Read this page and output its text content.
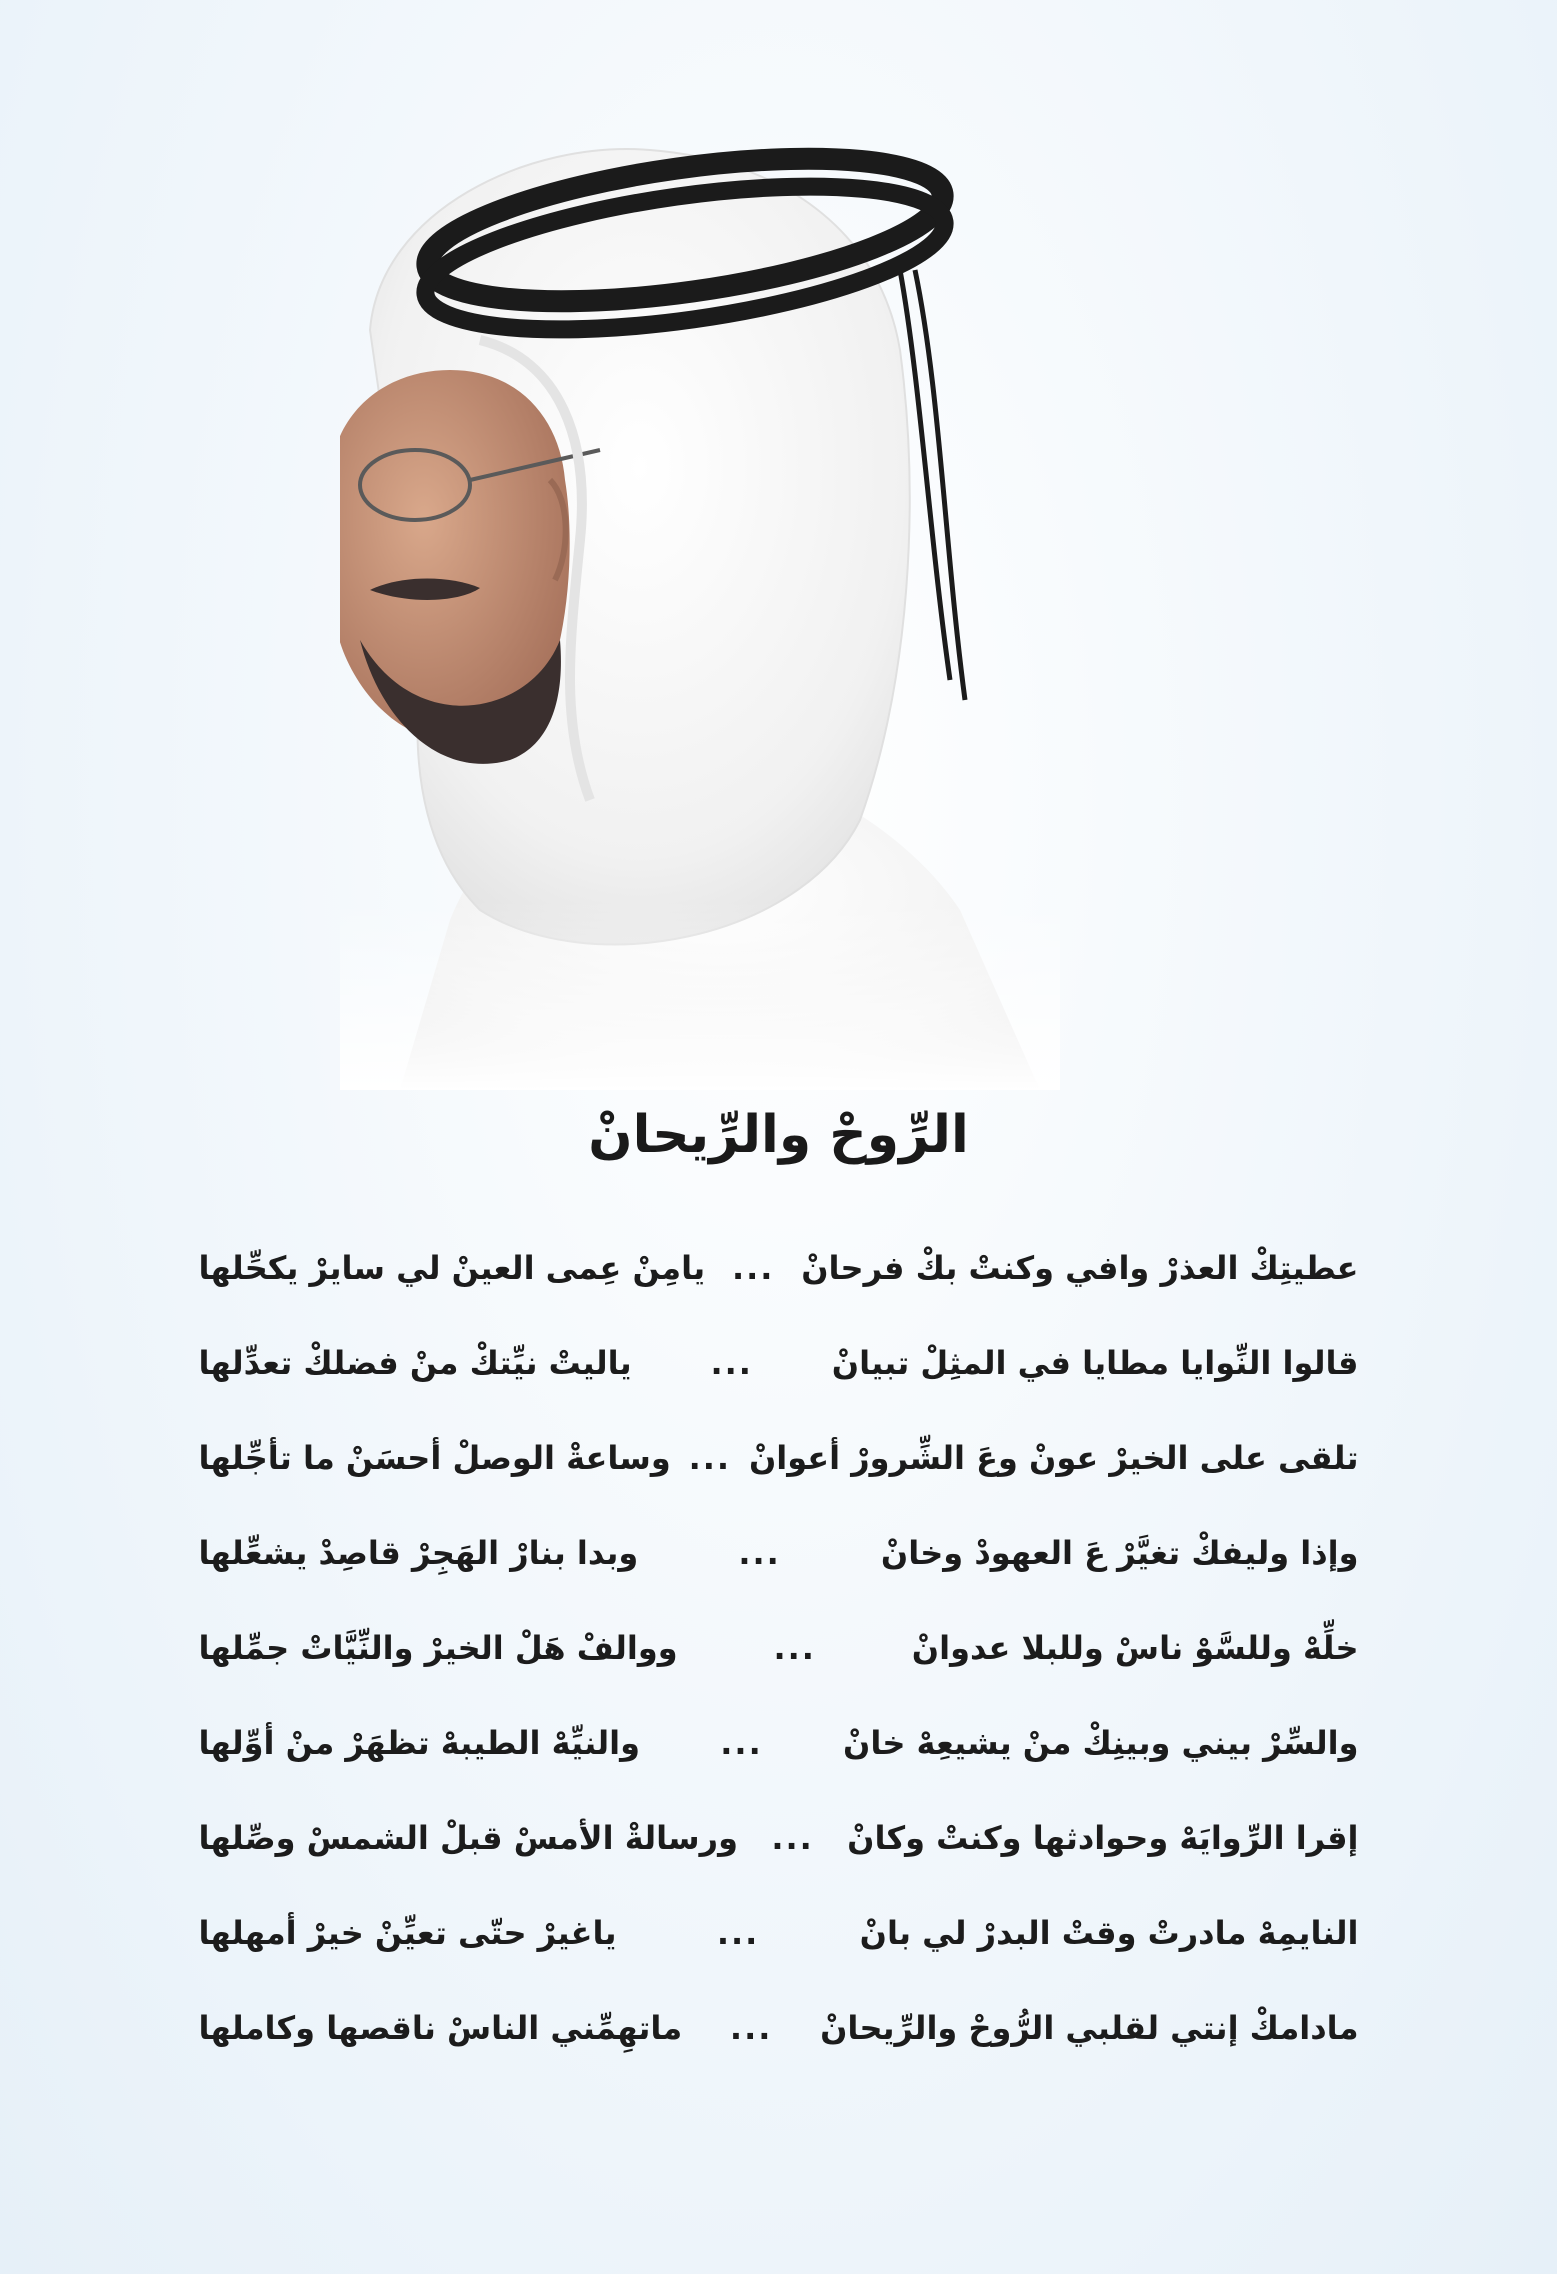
الرِّوحْ والرِّيحانْ
عطيتِكْ العذرْ وافي وكنتْ بكْ فرحانْ
...
يامِنْ عِمى العينْ لي سايرْ يكحِّلها
قالوا النِّوايا مطايا في المثِلْ تبيانْ
...
ياليتْ نيِّتكْ منْ فضلكْ تعدِّلها
تلقى على الخيرْ عونْ وعَ الشِّرورْ أعوانْ
...
وساعةْ الوصلْ أحسَنْ ما تأجِّلها
وإذا وليفكْ تغيَّرْ عَ العهودْ وخانْ
...
وبدا بنارْ الهَجِرْ قاصِدْ يشعِّلها
خلِّهْ وللسَّوْ ناسْ وللبلا عدوانْ
...
ووالفْ هَلْ الخيرْ والنِّيَّاتْ جمِّلها
والسِّرْ بيني وبينِكْ منْ يشيعِهْ خانْ
...
والنيِّهْ الطيبهْ تظهَرْ منْ أوِّلها
إقرا الرِّوايَهْ وحوادثها وكنتْ وكانْ
...
ورسالةْ الأمسْ قبلْ الشمسْ وصِّلها
النايمِهْ مادرتْ وقتْ البدرْ لي بانْ
...
ياغيرْ حتّى تعيِّنْ خيرْ أمهلها
مادامكْ إنتي لقلبي الرُّوحْ والرِّيحانْ
...
ماتهِمِّني الناسْ ناقصها وكاملها
